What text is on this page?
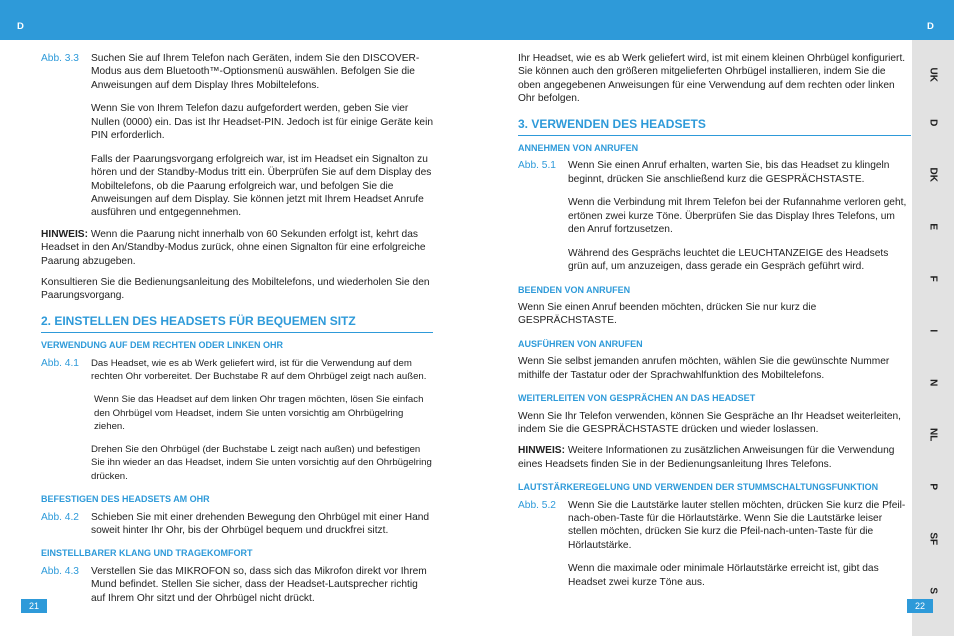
D	D
UK
D
DK
E
F
I
N
NL
P
SF
S
Abb. 3.3	Suchen Sie auf Ihrem Telefon nach Geräten, indem Sie den DISCOVER-Modus aus dem Bluetooth™-Optionsmenü auswählen. Befolgen Sie die Anweisungen auf dem Display Ihres Mobiltelefons.

Wenn Sie von Ihrem Telefon dazu aufgefordert werden, geben Sie vier Nullen (0000) ein. Das ist Ihr Headset-PIN. Jedoch ist für einige Geräte kein PIN erforderlich.

Falls der Paarungsvorgang erfolgreich war, ist im Headset ein Signalton zu hören und der Standby-Modus tritt ein. Überprüfen Sie auf dem Display des Mobiltelefons, ob die Paarung erfolgreich war, und befolgen Sie die Anweisungen auf dem Display. Sie können jetzt mit Ihrem Headset Anrufe ausführen und entgegennehmen.

HINWEIS: Wenn die Paarung nicht innerhalb von 60 Sekunden erfolgt ist, kehrt das Headset in den An/Standby-Modus zurück, ohne einen Signalton für eine erfolgreiche Paarung abzugeben.

Konsultieren Sie die Bedienungsanleitung des Mobiltelefons, und wiederholen Sie den Paarungsvorgang.

2. EINSTELLEN DES HEADSETS FÜR BEQUEMEN SITZ
VERWENDUNG AUF DEM RECHTEN ODER LINKEN OHR
Abb. 4.1	Das Headset, wie es ab Werk geliefert wird, ist für die Verwendung auf dem rechten Ohr vorbereitet. Der Buchstabe R auf dem Ohrbügel zeigt nach außen.

Wenn Sie das Headset auf dem linken Ohr tragen möchten, lösen Sie einfach den Ohrbügel vom Headset, indem Sie unten vorsichtig am Ohrbügelring ziehen.

Drehen Sie den Ohrbügel (der Buchstabe L zeigt nach außen) und befestigen Sie ihn wieder an das Headset, indem Sie unten vorsichtig auf den Ohrbügelring drücken.

BEFESTIGEN DES HEADSETS AM OHR
Abb. 4.2	Schieben Sie mit einer drehenden Bewegung den Ohrbügel mit einer Hand soweit hinter Ihr Ohr, bis der Ohrbügel bequem und druckfrei sitzt.
EINSTELLBARER KLANG UND TRAGEKOMFORT
Abb. 4.3	Verstellen Sie das MIKROFON so, dass sich das Mikrofon direkt vor Ihrem Mund befindet. Stellen Sie sicher, dass der Headset-Lautsprecher richtig auf Ihrem Ohr sitzt und der Ohrbügel nicht drückt.

Ihr Headset, wie es ab Werk geliefert wird, ist mit einem kleinen Ohrbügel konfiguriert. Sie können auch den größeren mitgelieferten Ohrbügel installieren, indem Sie die oben angegebenen Anweisungen für eine Verwendung auf dem rechten oder linken Ohr befolgen.

3. VERWENDEN DES HEADSETS
ANNEHMEN VON ANRUFEN
Abb. 5.1	Wenn Sie einen Anruf erhalten, warten Sie, bis das Headset zu klingeln beginnt, drücken Sie anschließend kurz die GESPRÄCHSTASTE.

Wenn die Verbindung mit Ihrem Telefon bei der Rufannahme verloren geht, ertönen zwei kurze Töne. Überprüfen Sie das Display Ihres Telefons, um den Anruf fortzusetzen.

Während des Gesprächs leuchtet die LEUCHTANZEIGE des Headsets grün auf, um anzuzeigen, dass gerade ein Gespräch geführt wird.

BEENDEN VON ANRUFEN

Wenn Sie einen Anruf beenden möchten, drücken Sie nur kurz die GESPRÄCHSTASTE.

AUSFÜHREN VON ANRUFEN

Wenn Sie selbst jemanden anrufen möchten, wählen Sie die gewünschte Nummer mithilfe der Tastatur oder der Sprachwahlfunktion des Mobiltelefons.

WEITERLEITEN VON GESPRÄCHEN AN DAS HEADSET

Wenn Sie Ihr Telefon verwenden, können Sie Gespräche an Ihr Headset weiterleiten, indem Sie die GESPRÄCHSTASTE drücken und wieder loslassen.

HINWEIS: Weitere Informationen zu zusätzlichen Anweisungen für die Verwendung eines Headsets finden Sie in der Bedienungsanleitung Ihres Telefons.

LAUTSTÄRKEREGELUNG UND VERWENDEN DER STUMMSCHALTUNGSFUNKTION
Abb. 5.2	Wenn Sie die Lautstärke lauter stellen möchten, drücken Sie kurz die Pfeil-nach-oben-Taste für die Hörlautstärke. Wenn Sie die Lautstärke leiser stellen möchten, drücken Sie kurz die Pfeil-nach-unten-Taste für die Hörlautstärke.

Wenn die maximale oder minimale Hörlautstärke erreicht ist, gibt das Headset zwei kurze Töne aus.

21	22
